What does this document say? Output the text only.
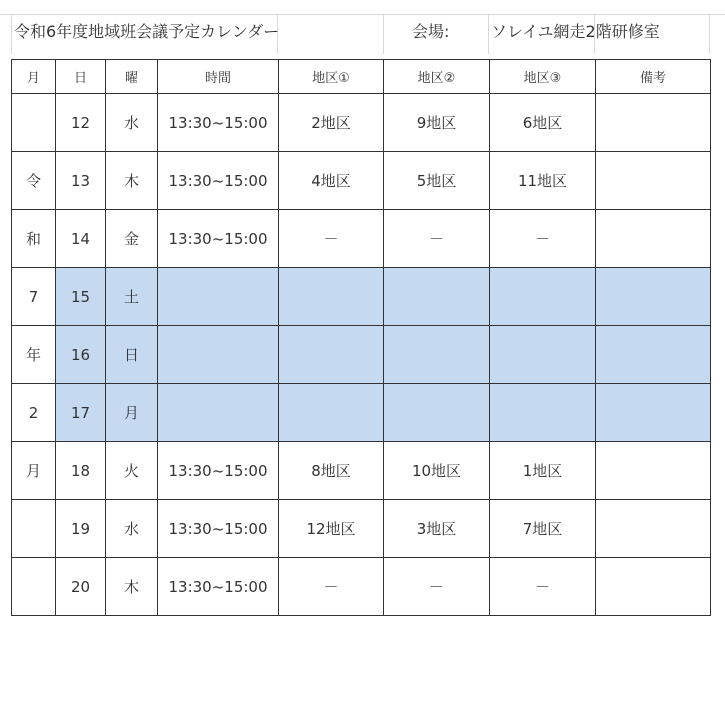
令和6年度地域班会議予定カレンダー	会場:	ソレイユ網走2階研修室
月	日	曜	時間	地区①	地区②	地区③	備考
	12	水	13:30~15:00	2地区	9地区	6地区	
令	13	木	13:30~15:00	4地区	5地区	11地区	
和	14	金	13:30~15:00	－	－	－	
7	15	土					
年	16	日					
2	17	月					
月	18	火	13:30~15:00	8地区	10地区	1地区	
	19	水	13:30~15:00	12地区	3地区	7地区	
	20	木	13:30~15:00	－	－	－	
